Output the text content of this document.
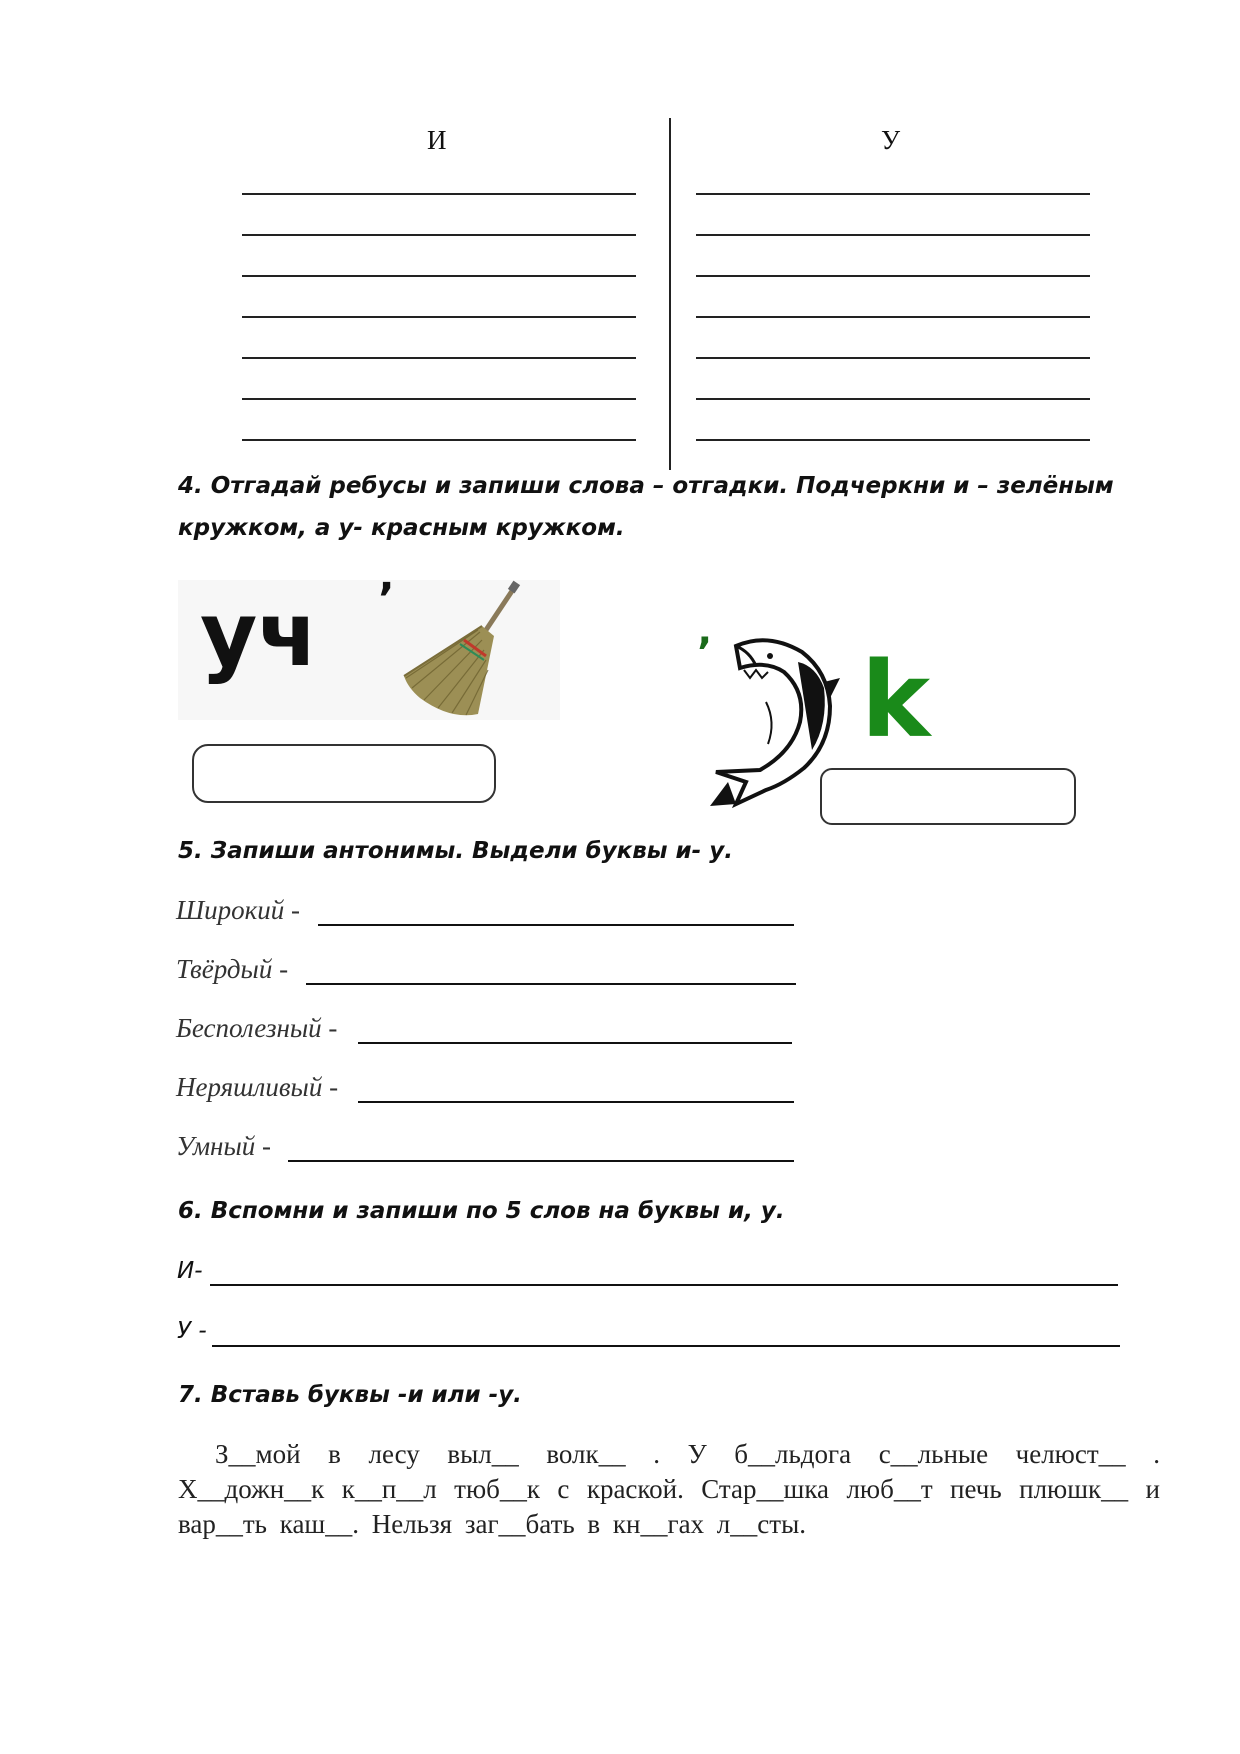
И	У
4. Отгадай ребусы и запиши слова – отгадки. Подчеркни и – зелёным
кружком, а у- красным кружком.
уч ’
’ k
5. Запиши антонимы. Выдели буквы и- у.
Широкий -
Твёрдый -
Бесполезный -
Неряшливый -
Умный -
6. Вспомни и запиши по 5 слов на буквы и, у.
И-
У -
7. Вставь буквы -и или -у.
З__мой в лесу выл__ волк__ . У б__льдога с__льные челюст__ . Х__дожн__к к__п__л тюб__к с краской. Стар__шка люб__т печь плюшк__ и вар__ть каш__. Нельзя заг__бать в кн__гах л__сты.
